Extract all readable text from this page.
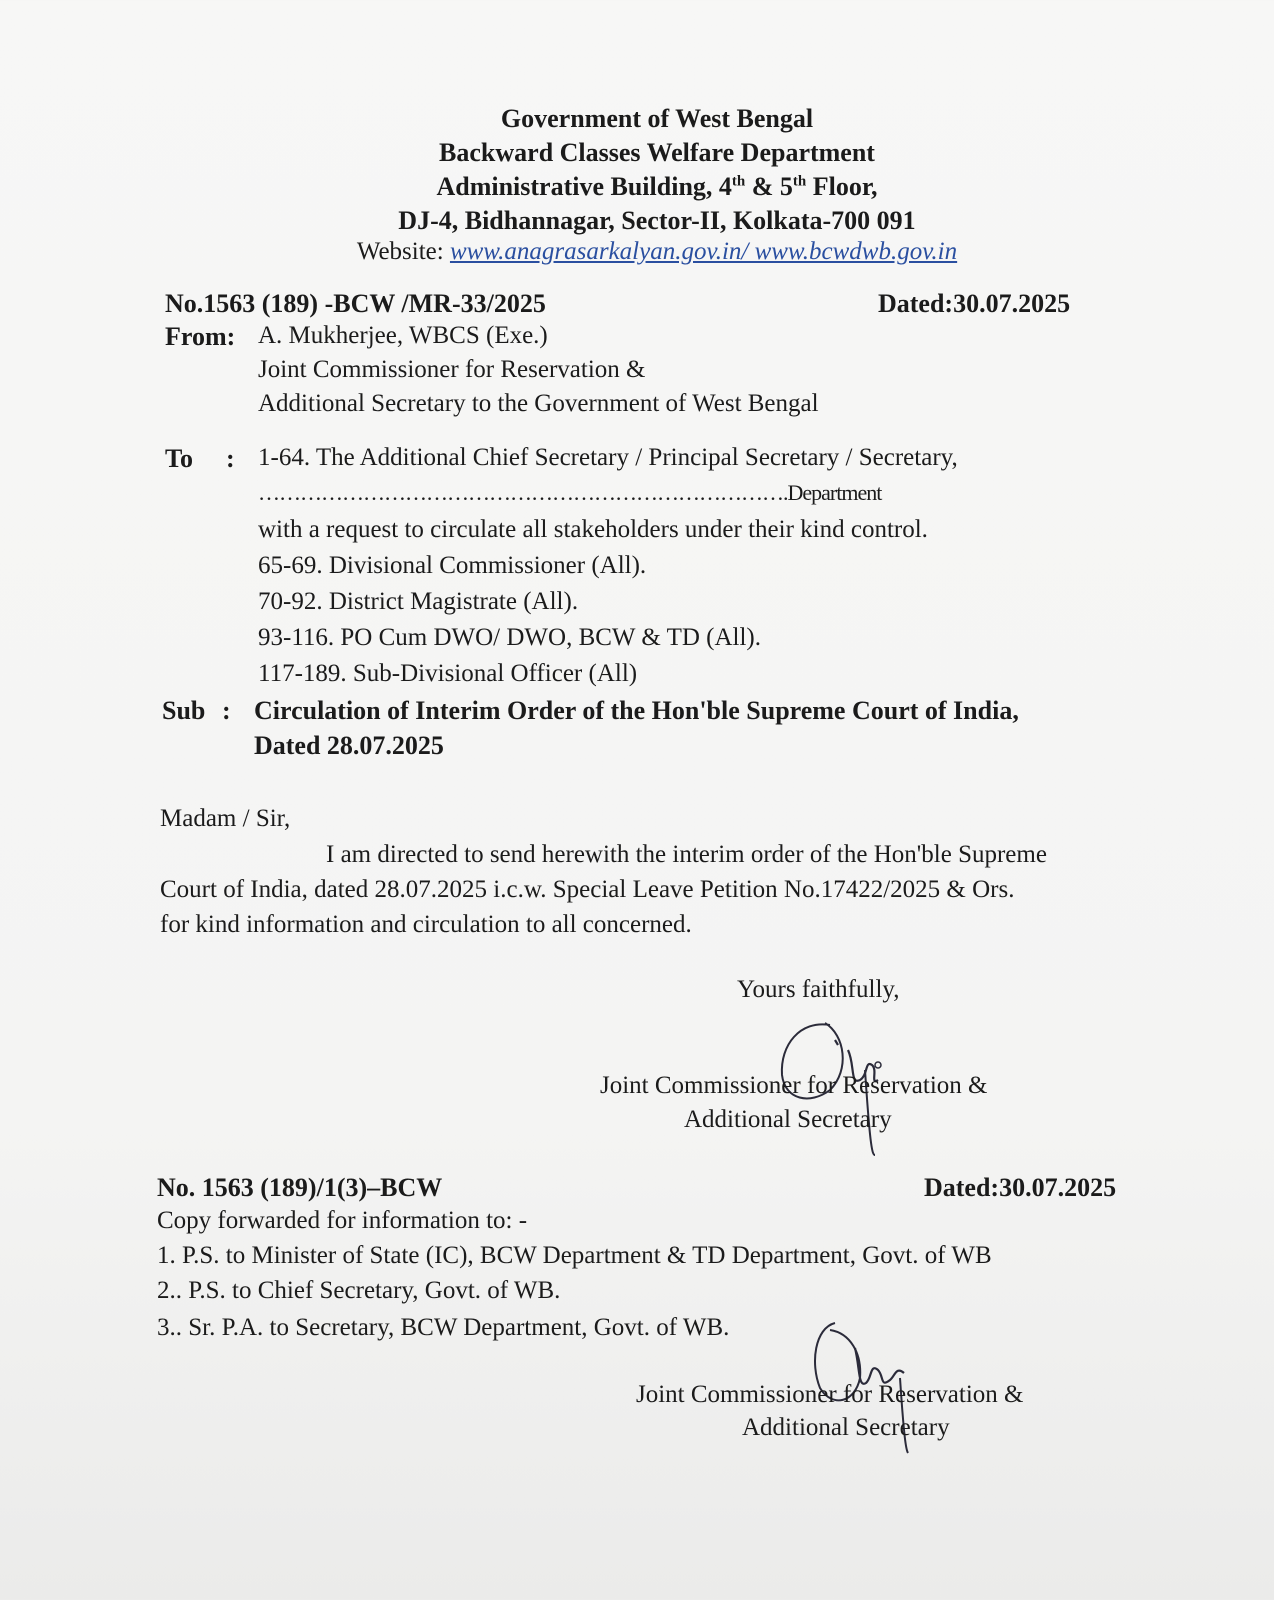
Government of West Bengal
Backward Classes Welfare Department
Administrative Building, 4th & 5th Floor,
DJ-4, Bidhannagar, Sector-II, Kolkata-700 091
Website: www.anagrasarkalyan.gov.in/ www.bcwdwb.gov.in
No.1563 (189) -BCW /MR-33/2025	Dated:30.07.2025
From: A. Mukherjee, WBCS (Exe.)
Joint Commissioner for Reservation &
Additional Secretary to the Government of West Bengal
To : 1-64. The Additional Chief Secretary / Principal Secretary / Secretary,
………………………………………………………………….Department
with a request to circulate all stakeholders under their kind control.
65-69. Divisional Commissioner (All).
70-92. District Magistrate (All).
93-116. PO Cum DWO/ DWO, BCW & TD (All).
117-189. Sub-Divisional Officer (All)
Sub : Circulation of Interim Order of the Hon'ble Supreme Court of India,
Dated 28.07.2025
Madam / Sir,
I am directed to send herewith the interim order of the Hon'ble Supreme
Court of India, dated 28.07.2025 i.c.w. Special Leave Petition No.17422/2025 & Ors.
for kind information and circulation to all concerned.
Yours faithfully,
Joint Commissioner for Reservation &
Additional Secretary
No. 1563 (189)/1(3)–BCW	Dated:30.07.2025
Copy forwarded for information to: -
1. P.S. to Minister of State (IC), BCW Department & TD Department, Govt. of WB
2.. P.S. to Chief Secretary, Govt. of WB.
3.. Sr. P.A. to Secretary, BCW Department, Govt. of WB.
Joint Commissioner for Reservation &
Additional Secretary
